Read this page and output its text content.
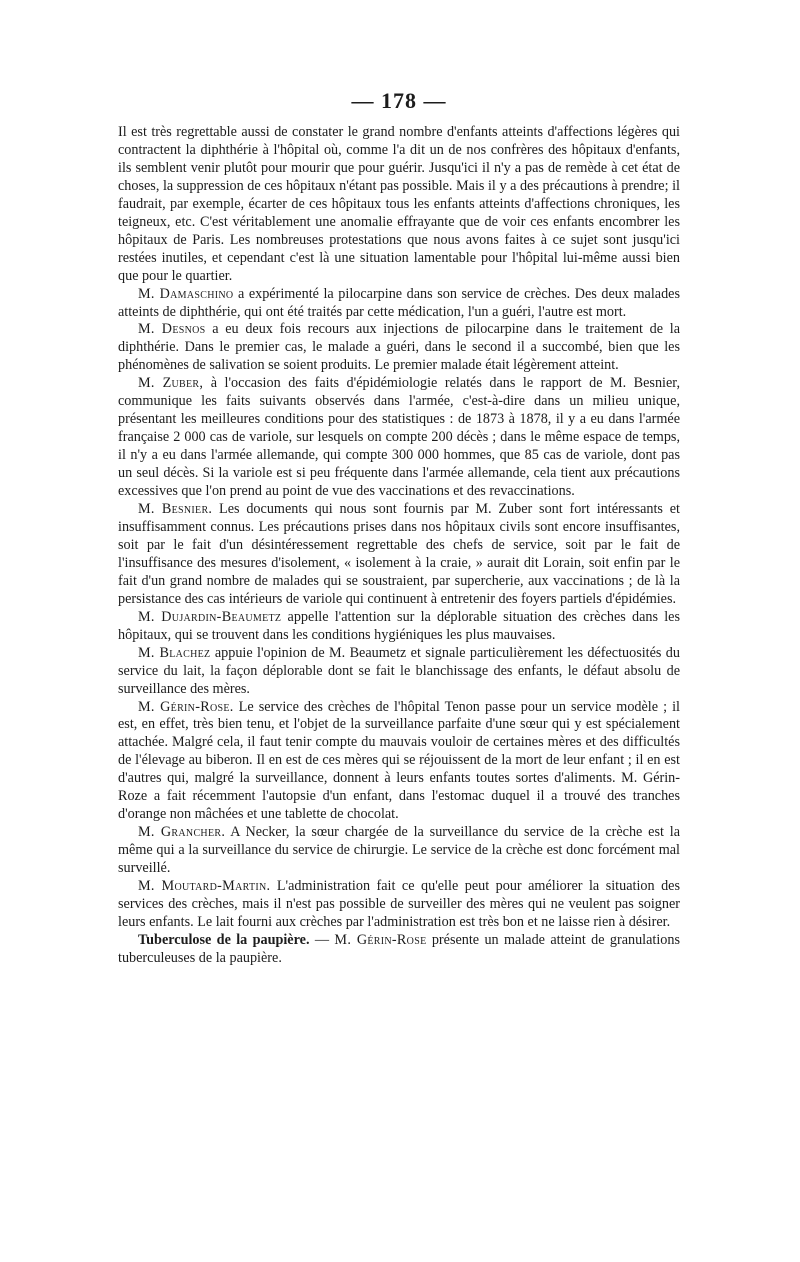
— 178 —

Il est très regrettable aussi de constater le grand nombre d'enfants atteints d'affections légères qui contractent la diphthérie à l'hôpital où, comme l'a dit un de nos confrères des hôpitaux d'enfants, ils semblent venir plutôt pour mourir que pour guérir. Jusqu'ici il n'y a pas de remède à cet état de choses, la suppression de ces hôpitaux n'étant pas possible. Mais il y a des précautions à prendre; il faudrait, par exemple, écarter de ces hôpitaux tous les enfants atteints d'affections chroniques, les teigneux, etc. C'est véritablement une anomalie effrayante que de voir ces enfants encombrer les hôpitaux de Paris. Les nombreuses protestations que nous avons faites à ce sujet sont jusqu'ici restées inutiles, et cependant c'est là une situation lamentable pour l'hôpital lui-même aussi bien que pour le quartier.

M. Damaschino a expérimenté la pilocarpine dans son service de crèches. Des deux malades atteints de diphthérie, qui ont été traités par cette médication, l'un a guéri, l'autre est mort.

M. Desnos a eu deux fois recours aux injections de pilocarpine dans le traitement de la diphthérie. Dans le premier cas, le malade a guéri, dans le second il a succombé, bien que les phénomènes de salivation se soient produits. Le premier malade était légèrement atteint.

M. Zuber, à l'occasion des faits d'épidémiologie relatés dans le rapport de M. Besnier, communique les faits suivants observés dans l'armée, c'est-à-dire dans un milieu unique, présentant les meilleures conditions pour des statistiques : de 1873 à 1878, il y a eu dans l'armée française 2 000 cas de variole, sur lesquels on compte 200 décès ; dans le même espace de temps, il n'y a eu dans l'armée allemande, qui compte 300 000 hommes, que 85 cas de variole, dont pas un seul décès. Si la variole est si peu fréquente dans l'armée allemande, cela tient aux précautions excessives que l'on prend au point de vue des vaccinations et des revaccinations.

M. Besnier. Les documents qui nous sont fournis par M. Zuber sont fort intéressants et insuffisamment connus. Les précautions prises dans nos hôpitaux civils sont encore insuffisantes, soit par le fait d'un désintéressement regrettable des chefs de service, soit par le fait de l'insuffisance des mesures d'isolement, « isolement à la craie, » aurait dit Lorain, soit enfin par le fait d'un grand nombre de malades qui se soustraient, par supercherie, aux vaccinations ; de là la persistance des cas intérieurs de variole qui continuent à entretenir des foyers partiels d'épidémies.

M. Dujardin-Beaumetz appelle l'attention sur la déplorable situation des crèches dans les hôpitaux, qui se trouvent dans les conditions hygiéniques les plus mauvaises.

M. Blachez appuie l'opinion de M. Beaumetz et signale particulièrement les défectuosités du service du lait, la façon déplorable dont se fait le blanchissage des enfants, le défaut absolu de surveillance des mères.

M. Gérin-Rose. Le service des crèches de l'hôpital Tenon passe pour un service modèle ; il est, en effet, très bien tenu, et l'objet de la surveillance parfaite d'une sœur qui y est spécialement attachée. Malgré cela, il faut tenir compte du mauvais vouloir de certaines mères et des difficultés de l'élevage au biberon. Il en est de ces mères qui se réjouissent de la mort de leur enfant ; il en est d'autres qui, malgré la surveillance, donnent à leurs enfants toutes sortes d'aliments. M. Gérin-Roze a fait récemment l'autopsie d'un enfant, dans l'estomac duquel il a trouvé des tranches d'orange non mâchées et une tablette de chocolat.

M. Grancher. A Necker, la sœur chargée de la surveillance du service de la crèche est la même qui a la surveillance du service de chirurgie. Le service de la crèche est donc forcément mal surveillé.

M. Moutard-Martin. L'administration fait ce qu'elle peut pour améliorer la situation des services des crèches, mais il n'est pas possible de surveiller des mères qui ne veulent pas soigner leurs enfants. Le lait fourni aux crèches par l'administration est très bon et ne laisse rien à désirer.

Tuberculose de la paupière. — M. Gérin-Rose présente un malade atteint de granulations tuberculeuses de la paupière.
